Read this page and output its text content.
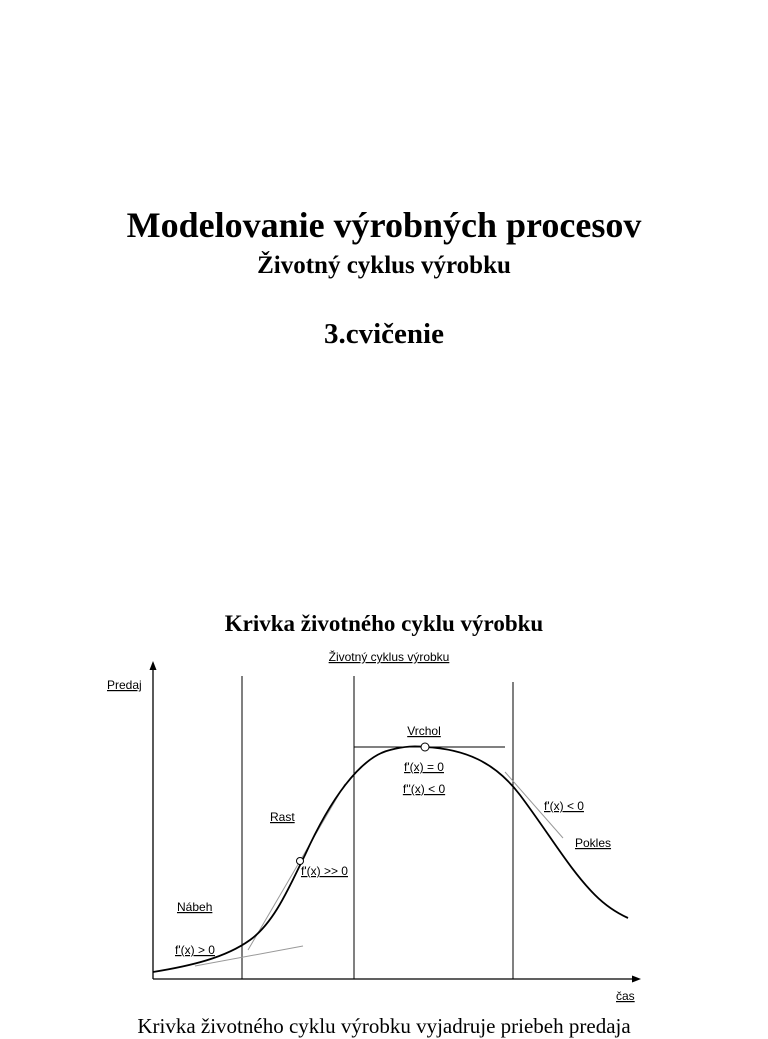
Modelovanie výrobných procesov
Životný cyklus výrobku
3.cvičenie
Krivka životného cyklu výrobku
Životný cyklus výrobku
Predaj
čas
Vrchol
f'(x) = 0
f''(x) < 0
f'(x) < 0
Rast
Pokles
f'(x) >> 0
Nábeh
f'(x) > 0
Krivka životného cyklu výrobku vyjadruje priebeh predaja
